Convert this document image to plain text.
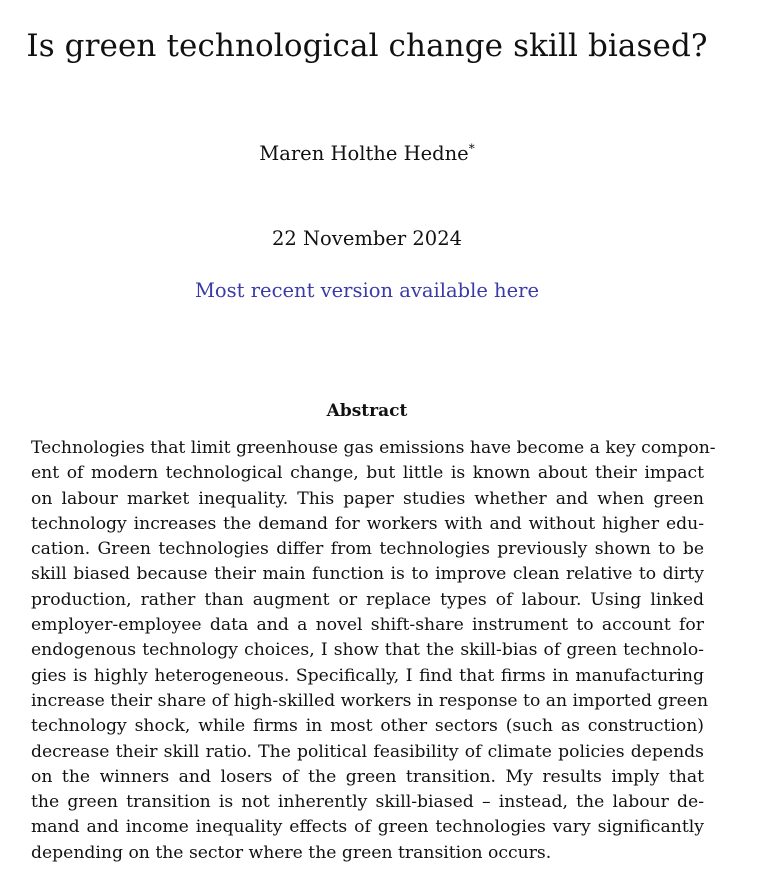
Is green technological change skill biased?
Maren Holthe Hedne*
22 November 2024
Most recent version available here
Abstract
Technologies that limit greenhouse gas emissions have become a key compon-
ent of modern technological change, but little is known about their impact
on labour market inequality. This paper studies whether and when green
technology increases the demand for workers with and without higher edu-
cation. Green technologies differ from technologies previously shown to be
skill biased because their main function is to improve clean relative to dirty
production, rather than augment or replace types of labour. Using linked
employer-employee data and a novel shift-share instrument to account for
endogenous technology choices, I show that the skill-bias of green technolo-
gies is highly heterogeneous. Specifically, I find that firms in manufacturing
increase their share of high-skilled workers in response to an imported green
technology shock, while firms in most other sectors (such as construction)
decrease their skill ratio. The political feasibility of climate policies depends
on the winners and losers of the green transition. My results imply that
the green transition is not inherently skill-biased – instead, the labour de-
mand and income inequality effects of green technologies vary significantly
depending on the sector where the green transition occurs.
